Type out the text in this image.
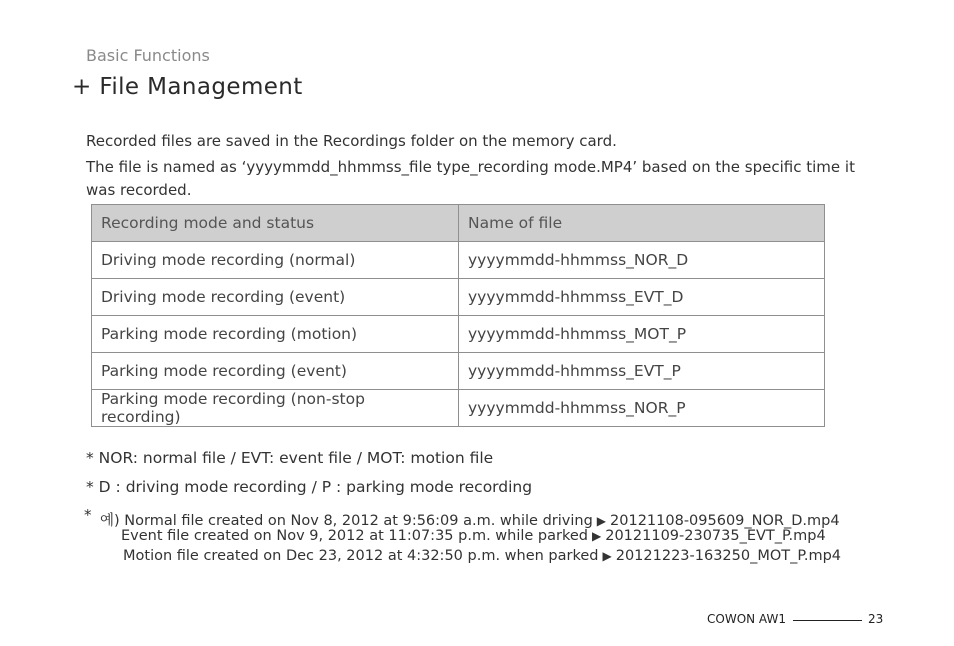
Basic Functions
+ File Management
Recorded files are saved in the Recordings folder on the memory card.
The file is named as ‘yyyymmdd_hhmmss_file type_recording mode.MP4’ based on the specific time it was recorded.
Recording mode and status	Name of file
Driving mode recording (normal)	yyyymmdd-hhmmss_NOR_D
Driving mode recording (event)	yyyymmdd-hhmmss_EVT_D
Parking mode recording (motion)	yyyymmdd-hhmmss_MOT_P
Parking mode recording (event)	yyyymmdd-hhmmss_EVT_P
Parking mode recording (non-stop recording)	yyyymmdd-hhmmss_NOR_P
* NOR: normal file / EVT: event file / MOT: motion file
* D : driving mode recording / P : parking mode recording
* 예) Normal file created on Nov 8, 2012 at 9:56:09 a.m. while driving ▶ 20121108-095609_NOR_D.mp4
Event file created on Nov 9, 2012 at 11:07:35 p.m. while parked ▶ 20121109-230735_EVT_P.mp4
Motion file created on Dec 23, 2012 at 4:32:50 p.m. when parked ▶ 20121223-163250_MOT_P.mp4
COWON AW1	23
